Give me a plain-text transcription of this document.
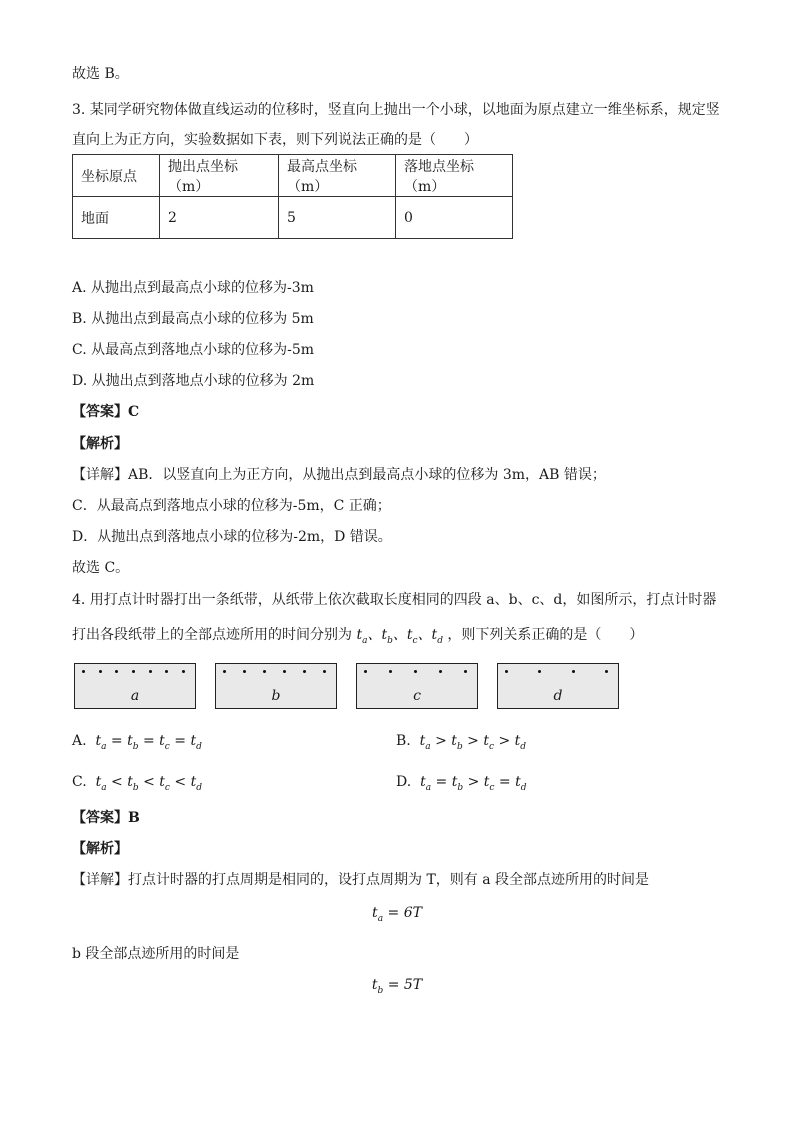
故选 B。
3. 某同学研究物体做直线运动的位移时，竖直向上抛出一个小球，以地面为原点建立一维坐标系，规定竖
直向上为正方向，实验数据如下表，则下列说法正确的是（　　）
坐标原点	抛出点坐标（m）	最高点坐标（m）	落地点坐标（m）
地面	2	5	0
A. 从抛出点到最高点小球的位移为-3m
B. 从抛出点到最高点小球的位移为 5m
C. 从最高点到落地点小球的位移为-5m
D. 从抛出点到落地点小球的位移为 2m
【答案】C
【解析】
【详解】AB．以竖直向上为正方向，从抛出点到最高点小球的位移为 3m，AB 错误；
C．从最高点到落地点小球的位移为-5m，C 正确；
D．从抛出点到落地点小球的位移为-2m，D 错误。
故选 C。
4. 用打点计时器打出一条纸带，从纸带上依次截取长度相同的四段 a、b、c、d，如图所示，打点计时器
打出各段纸带上的全部点迹所用的时间分别为 $t_a$、$t_b$、$t_c$、$t_d$ ，则下列关系正确的是（　　）
a	b	c	d
A. $t_a = t_b = t_c = t_d$	B. $t_a > t_b > t_c > t_d$
C. $t_a < t_b < t_c < t_d$	D. $t_a = t_b > t_c = t_d$
【答案】B
【解析】
【详解】打点计时器的打点周期是相同的，设打点周期为 T，则有 a 段全部点迹所用的时间是
$t_a = 6T$
b 段全部点迹所用的时间是
$t_b = 5T$
